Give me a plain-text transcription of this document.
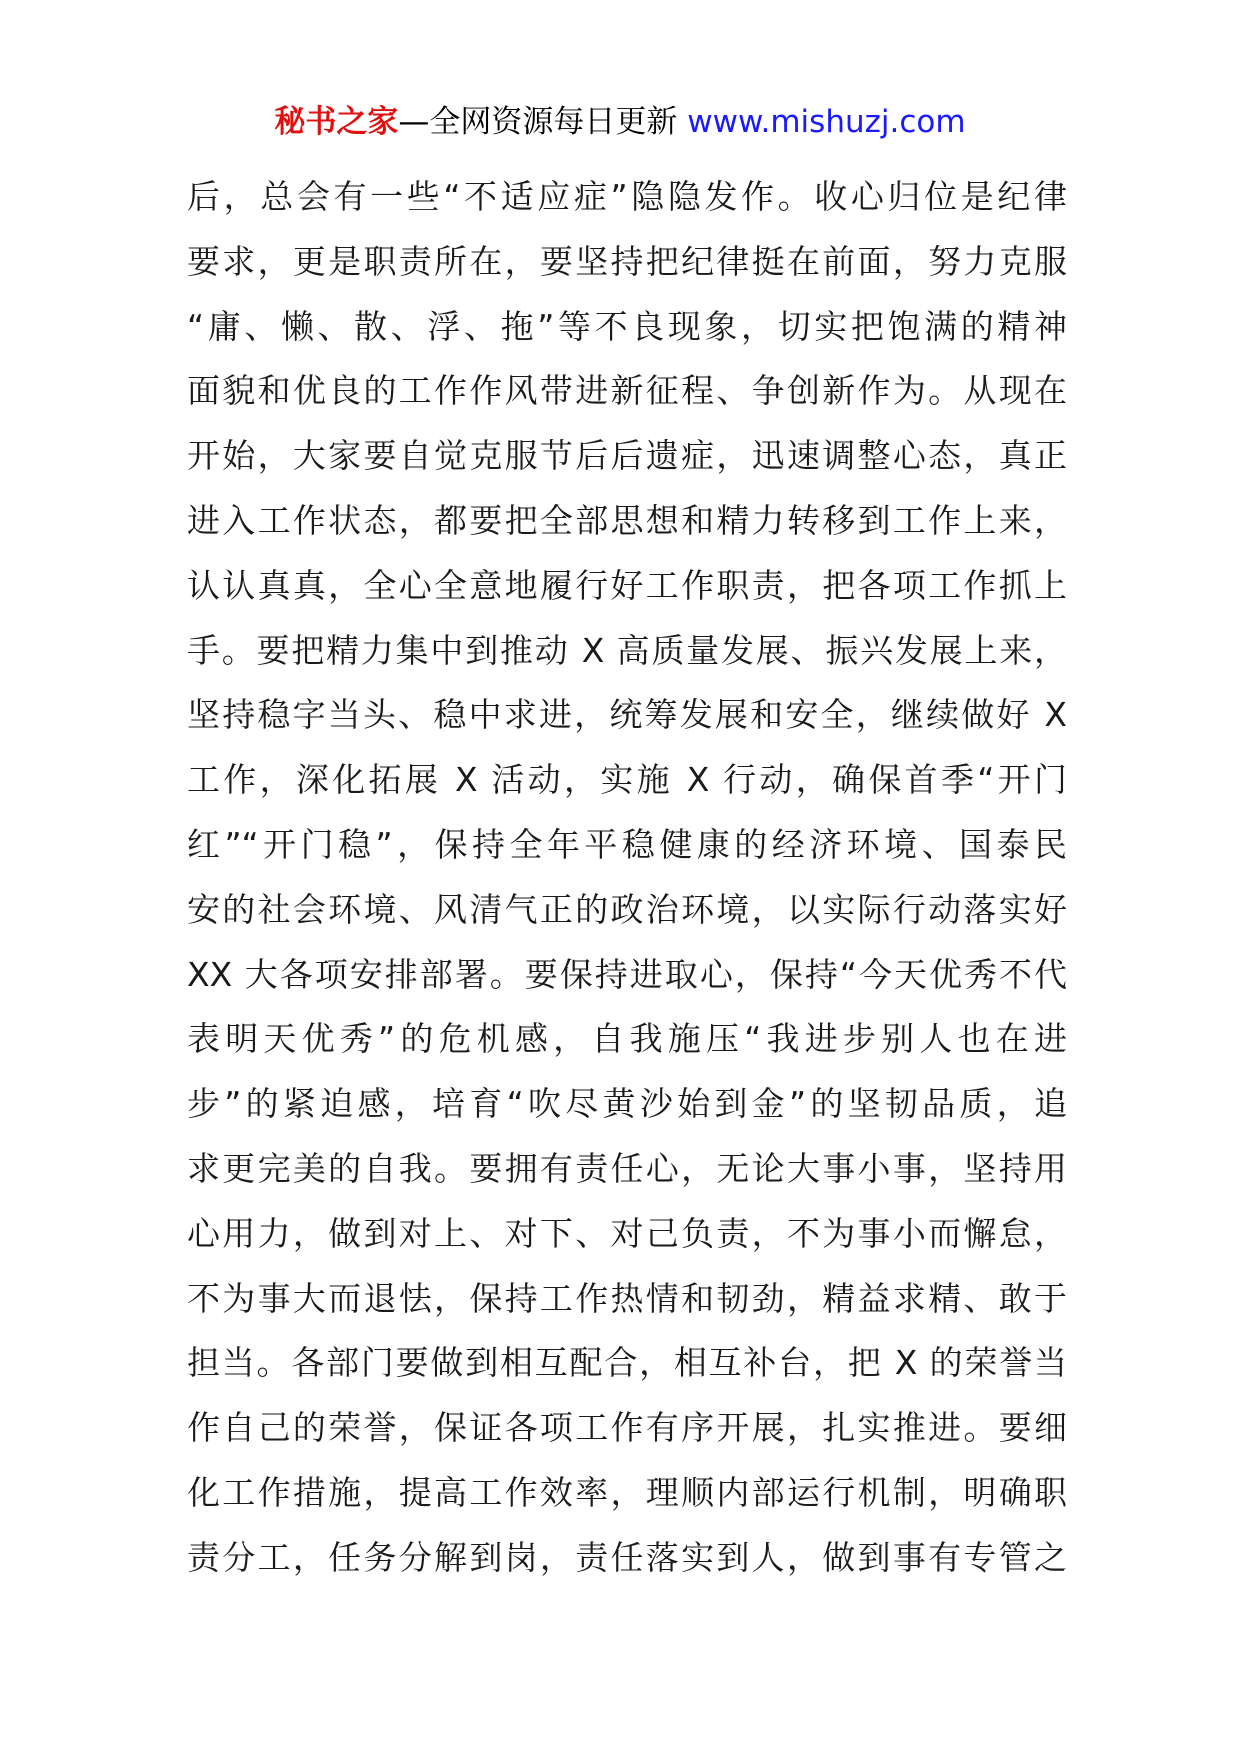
秘书之家—全网资源每日更新 www.mishuzj.com
后，总会有一些“不适应症”隐隐发作。收心归位是纪律
要求，更是职责所在，要坚持把纪律挺在前面，努力克服
“庸、懒、散、浮、拖”等不良现象，切实把饱满的精神
面貌和优良的工作作风带进新征程、争创新作为。从现在
开始，大家要自觉克服节后后遗症，迅速调整心态，真正
进入工作状态，都要把全部思想和精力转移到工作上来，
认认真真，全心全意地履行好工作职责，把各项工作抓上
手。要把精力集中到推动 X 高质量发展、振兴发展上来，
坚持稳字当头、稳中求进，统筹发展和安全，继续做好 X
工作，深化拓展 X 活动，实施 X 行动，确保首季“开门
红”“开门稳”，保持全年平稳健康的经济环境、国泰民
安的社会环境、风清气正的政治环境，以实际行动落实好
XX 大各项安排部署。要保持进取心，保持“今天优秀不代
表明天优秀”的危机感，自我施压“我进步别人也在进
步”的紧迫感，培育“吹尽黄沙始到金”的坚韧品质，追
求更完美的自我。要拥有责任心，无论大事小事，坚持用
心用力，做到对上、对下、对己负责，不为事小而懈怠，
不为事大而退怯，保持工作热情和韧劲，精益求精、敢于
担当。各部门要做到相互配合，相互补台，把 X 的荣誉当
作自己的荣誉，保证各项工作有序开展，扎实推进。要细
化工作措施，提高工作效率，理顺内部运行机制，明确职
责分工，任务分解到岗，责任落实到人，做到事有专管之
